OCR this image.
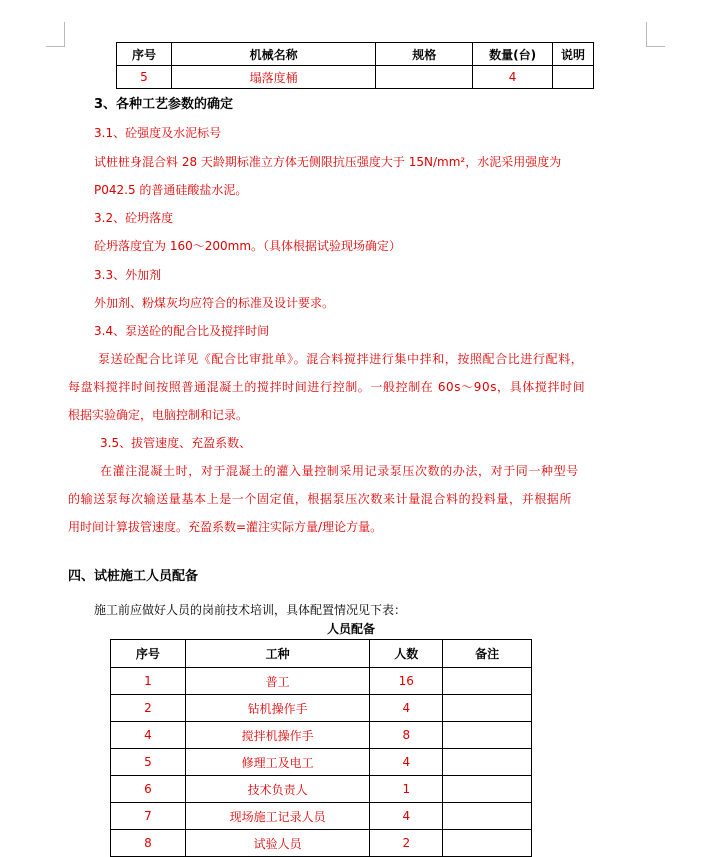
序号	机械名称	规格	数量(台)	说明
5	塌落度桶		4	
3、各种工艺参数的确定
3.1、砼强度及水泥标号
试桩桩身混合料 28 天龄期标准立方体无侧限抗压强度大于 15N/mm²，水泥采用强度为
P042.5 的普通硅酸盐水泥。
3.2、砼坍落度
砼坍落度宜为 160～200mm。（具体根据试验现场确定）
3.3、外加剂
外加剂、粉煤灰均应符合的标准及设计要求。
3.4、泵送砼的配合比及搅拌时间
泵送砼配合比详见《配合比审批单》。混合料搅拌进行集中拌和，按照配合比进行配料，
每盘料搅拌时间按照普通混凝土的搅拌时间进行控制。一般控制在 60s～90s，具体搅拌时间
根据实验确定，电脑控制和记录。
3.5、拔管速度、充盈系数、
在灌注混凝土时，对于混凝土的灌入量控制采用记录泵压次数的办法，对于同一种型号
的输送泵每次输送量基本上是一个固定值，根据泵压次数来计量混合料的投料量，并根据所
用时间计算拔管速度。充盈系数=灌注实际方量/理论方量。
四、试桩施工人员配备
施工前应做好人员的岗前技术培训，具体配置情况见下表：
人员配备
序号	工种	人数	备注
1	普工	16	
2	钻机操作手	4	
4	搅拌机操作手	8	
5	修理工及电工	4	
6	技术负责人	1	
7	现场施工记录人员	4	
8	试验人员	2	
